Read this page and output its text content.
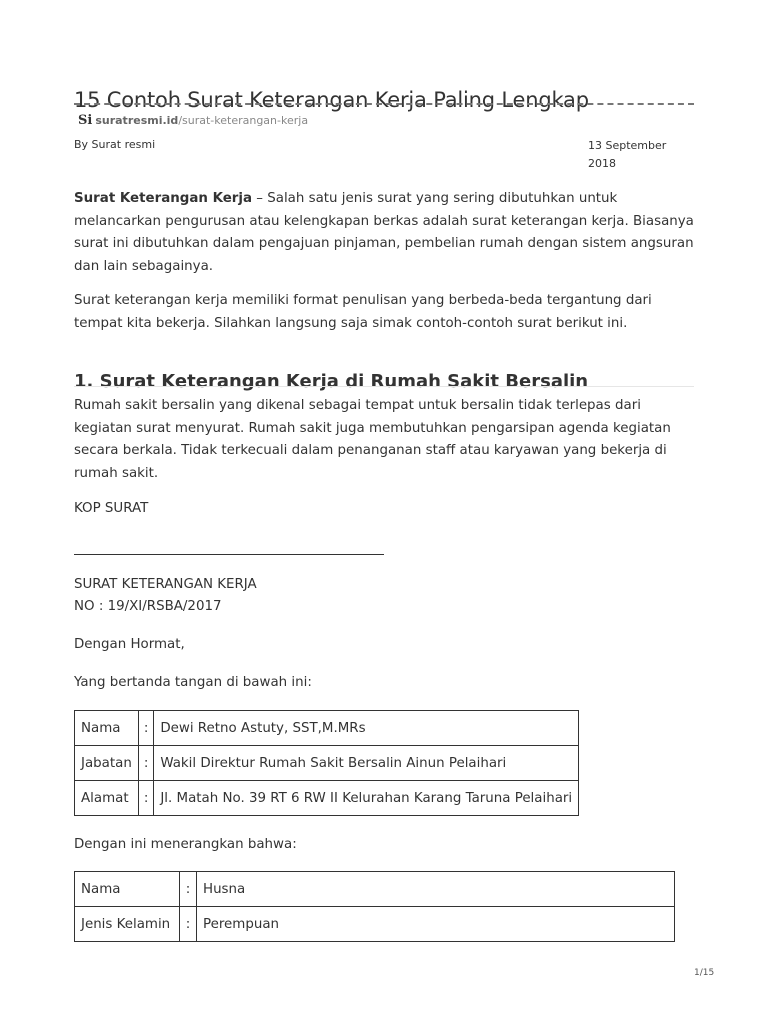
15 Contoh Surat Keterangan Kerja Paling Lengkap
Si suratresmi.id/surat-keterangan-kerja
By Surat resmi	13 September 2018

Surat Keterangan Kerja – Salah satu jenis surat yang sering dibutuhkan untuk melancarkan pengurusan atau kelengkapan berkas adalah surat keterangan kerja. Biasanya surat ini dibutuhkan dalam pengajuan pinjaman, pembelian rumah dengan sistem angsuran dan lain sebagainya.

Surat keterangan kerja memiliki format penulisan yang berbeda-beda tergantung dari tempat kita bekerja. Silahkan langsung saja simak contoh-contoh surat berikut ini.

1. Surat Keterangan Kerja di Rumah Sakit Bersalin

Rumah sakit bersalin yang dikenal sebagai tempat untuk bersalin tidak terlepas dari kegiatan surat menyurat. Rumah sakit juga membutuhkan pengarsipan agenda kegiatan secara berkala. Tidak terkecuali dalam penanganan staff atau karyawan yang bekerja di rumah sakit.

KOP SURAT
SURAT KETERANGAN KERJA
NO : 19/XI/RSBA/2017
Dengan Hormat,
Yang bertanda tangan di bawah ini:
Nama	:	Dewi Retno Astuty, SST,M.MRs
Jabatan	:	Wakil Direktur Rumah Sakit Bersalin Ainun Pelaihari
Alamat	:	Jl. Matah No. 39 RT 6 RW II Kelurahan Karang Taruna Pelaihari
Dengan ini menerangkan bahwa:
Nama	:	Husna
Jenis Kelamin	:	Perempuan
1/15
